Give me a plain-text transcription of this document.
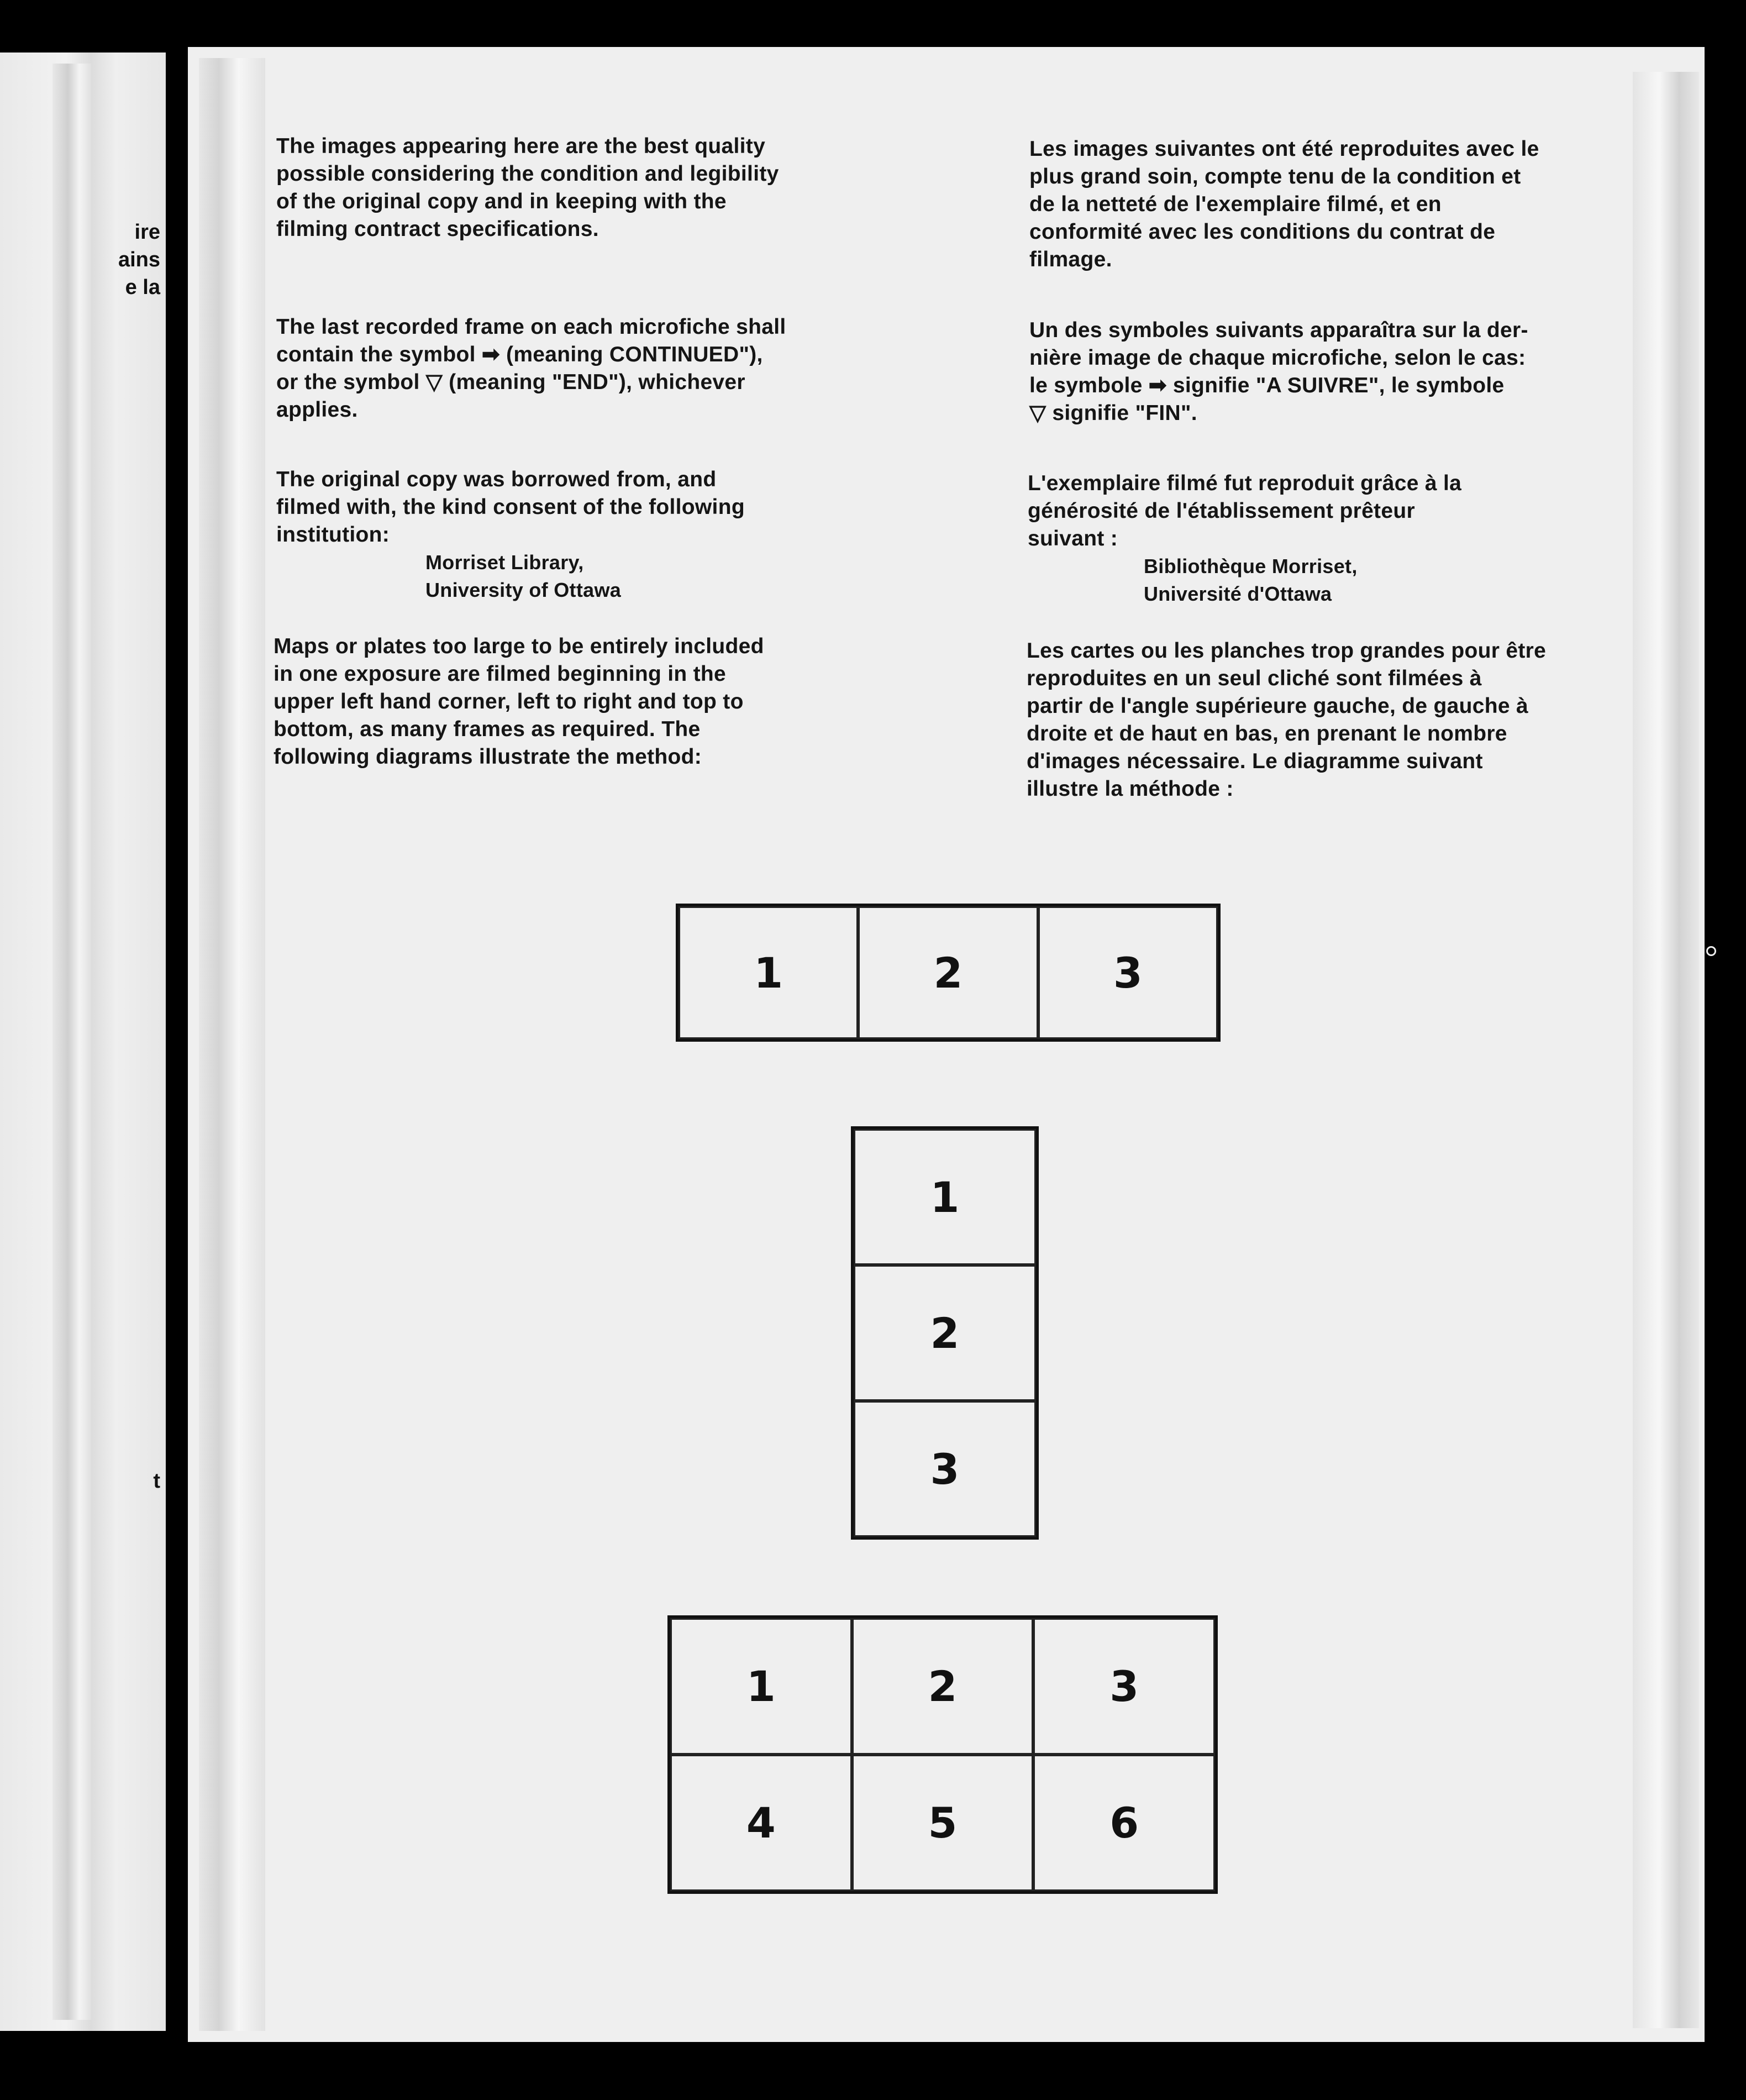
ire
ains
e la
t
The images appearing here are the best quality
possible considering the condition and legibility
of the original copy and in keeping with the
filming contract specifications.
The last recorded frame on each microfiche shall
contain the symbol ➡ (meaning CONTINUED"),
or the symbol ▽ (meaning "END"), whichever
applies.
The original copy was borrowed from, and
filmed with, the kind consent of the following
institution:
Morriset Library,
University of Ottawa
Maps or plates too large to be entirely included
in one exposure are filmed beginning in the
upper left hand corner, left to right and top to
bottom, as many frames as required. The
following diagrams illustrate the method:
Les images suivantes ont été reproduites avec le
plus grand soin, compte tenu de la condition et
de la netteté de l'exemplaire filmé, et en
conformité avec les conditions du contrat de
filmage.
Un des symboles suivants apparaîtra sur la der-
nière image de chaque microfiche, selon le cas:
le symbole ➡ signifie "A SUIVRE", le symbole
▽ signifie "FIN".
L'exemplaire filmé fut reproduit grâce à la
générosité de l'établissement prêteur
suivant :
Bibliothèque Morriset,
Université d'Ottawa
Les cartes ou les planches trop grandes pour être
reproduites en un seul cliché sont filmées à
partir de l'angle supérieure gauche, de gauche à
droite et de haut en bas, en prenant le nombre
d'images nécessaire. Le diagramme suivant
illustre la méthode :
1	2	3
1
2
3
1	2	3
4	5	6
